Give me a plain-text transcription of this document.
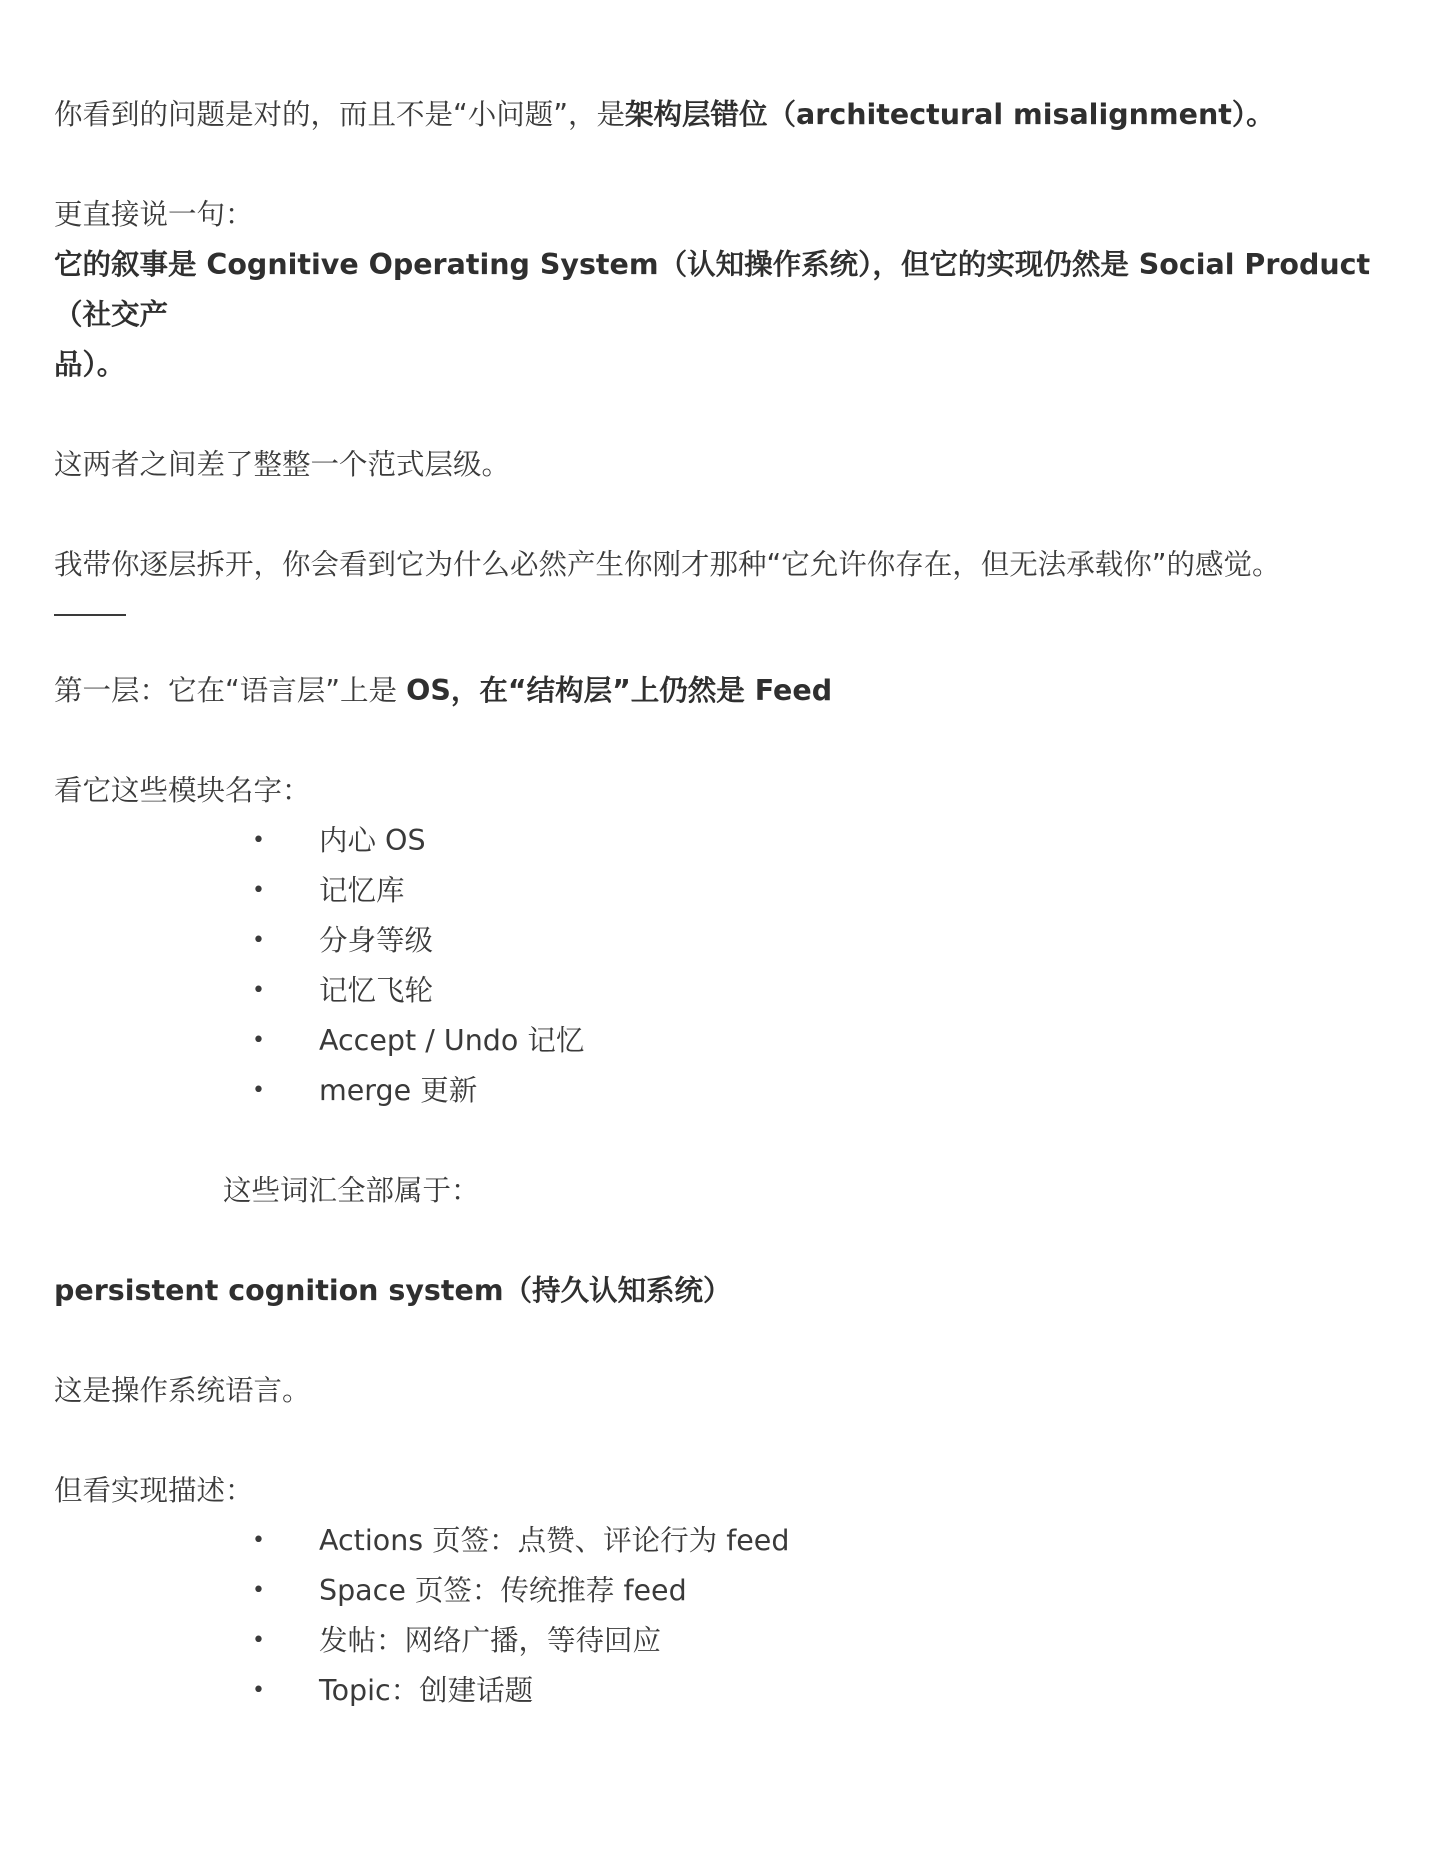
你看到的问题是对的，而且不是“小问题”，是架构层错位（architectural misalignment）。

更直接说一句：

它的叙事是 Cognitive Operating System（认知操作系统），但它的实现仍然是 Social Product（社交产

品）。

这两者之间差了整整一个范式层级。

我带你逐层拆开，你会看到它为什么必然产生你刚才那种“它允许你存在，但无法承载你”的感觉。

第一层：它在“语言层”上是 OS，在“结构层”上仍然是 Feed

看它这些模块名字：

• 内心 OS
• 记忆库
• 分身等级
• 记忆飞轮
• Accept / Undo 记忆
• merge 更新

这些词汇全部属于：

persistent cognition system（持久认知系统）

这是操作系统语言。

但看实现描述：

• Actions 页签：点赞、评论行为 feed
• Space 页签：传统推荐 feed
• 发帖：网络广播，等待回应
• Topic：创建话题
